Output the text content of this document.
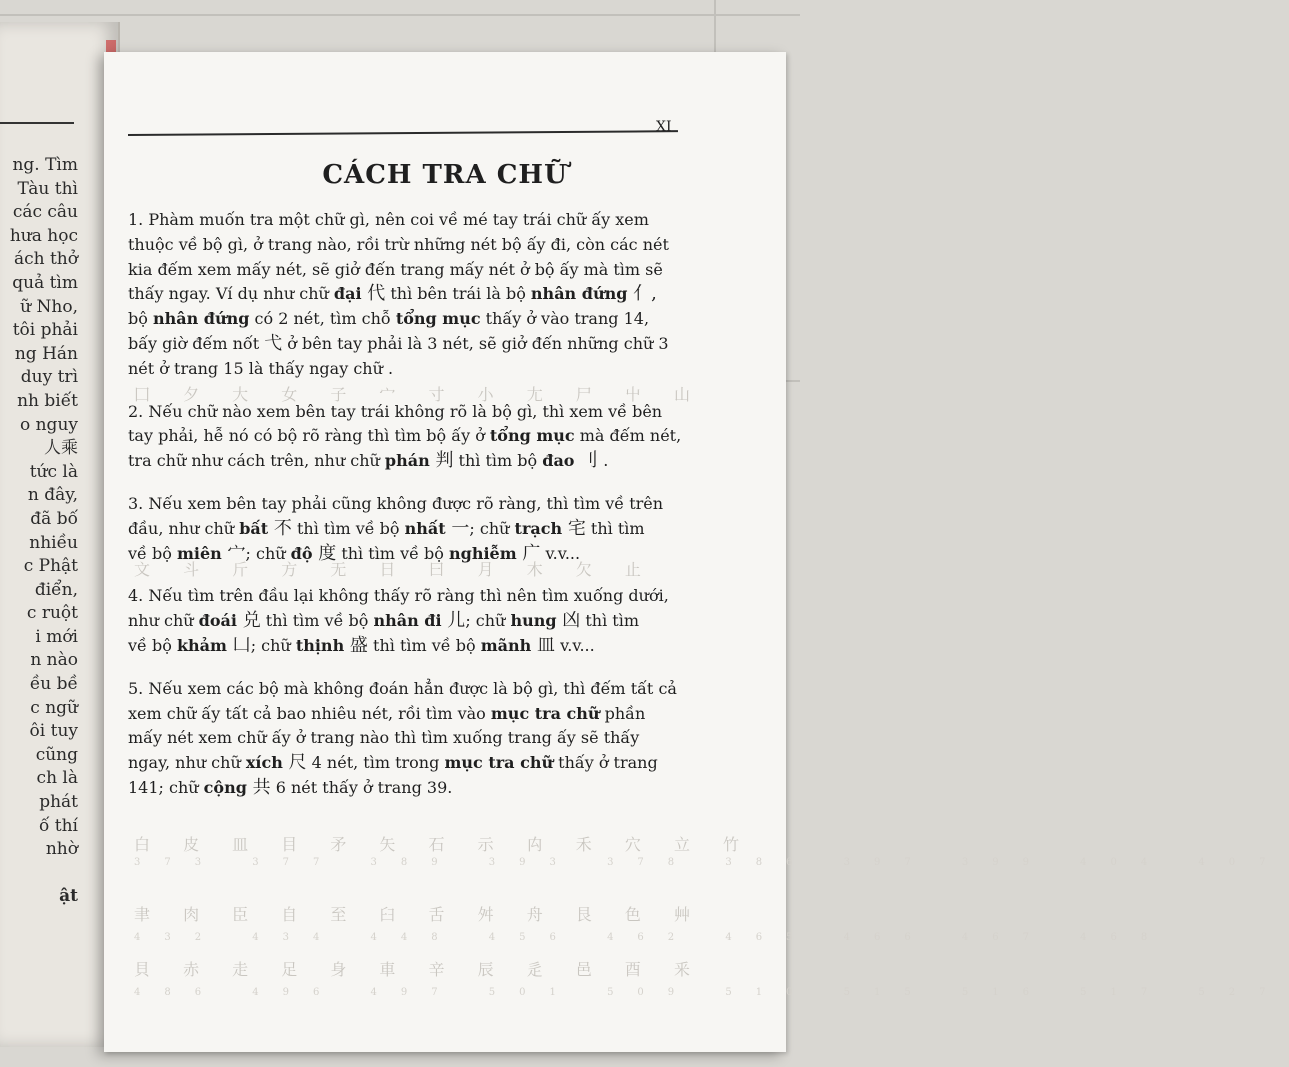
ng. Tìm
Tàu thì
các câu
hưa học
ách thở
quả tìm
ữ Nho,
tôi phải
ng Hán
duy trì
nh biết
o nguy
人乘
tức là
n đây,
đã bố
nhiều
c Phật
điển,
c ruột
i mới
n nào
ều bề
c ngữ
ôi tuy
cũng
ch là
phát
ố thí
nhờ

ật
XI
CÁCH TRA CHỮ
囗 夕 大 女 子 宀 寸 小 尢 尸 屮 山
文 斗 斤 方 无 日 曰 月 木 欠 止
白 皮 皿 目 矛 矢 石 示 禸 禾 穴 立 竹
373 377 389 393 378 386 397 399 404 407
聿 肉 臣 自 至 臼 舌 舛 舟 艮 色 艸
432 434 448 456 462 465 466 467 468
貝 赤 走 足 身 車 辛 辰 辵 邑 酉 釆
486 496 497 501 509 510 515 516 517 527
1. Phàm muốn tra một chữ gì, nên coi về mé tay trái chữ ấy xem
thuộc về bộ gì, ở trang nào, rồi trừ những nét bộ ấy đi, còn các nét
kia đếm xem mấy nét, sẽ giở đến trang mấy nét ở bộ ấy mà tìm sẽ
thấy ngay. Ví dụ như chữ đại 代 thì bên trái là bộ nhân đứng 亻,
bộ nhân đứng có 2 nét, tìm chỗ tổng mục thấy ở vào trang 14,
bấy giờ đếm nốt 弋 ở bên tay phải là 3 nét, sẽ giở đến những chữ 3
nét ở trang 15 là thấy ngay chữ .
2. Nếu chữ nào xem bên tay trái không rõ là bộ gì, thì xem về bên
tay phải, hễ nó có bộ rõ ràng thì tìm bộ ấy ở tổng mục mà đếm nét,
tra chữ như cách trên, như chữ phán 判 thì tìm bộ đao 刂 .
3. Nếu xem bên tay phải cũng không được rõ ràng, thì tìm về trên
đầu, như chữ bất 不 thì tìm về bộ nhất 一; chữ trạch 宅 thì tìm
về bộ miên 宀; chữ độ 度 thì tìm về bộ nghiễm 广 v.v...
4. Nếu tìm trên đầu lại không thấy rõ ràng thì nên tìm xuống dưới,
như chữ đoái 兑 thì tìm về bộ nhân đi 儿; chữ hung 凶 thì tìm
về bộ khảm 凵; chữ thịnh 盛 thì tìm về bộ mãnh 皿 v.v...
5. Nếu xem các bộ mà không đoán hẳn được là bộ gì, thì đếm tất cả
xem chữ ấy tất cả bao nhiêu nét, rồi tìm vào mục tra chữ phần
mấy nét xem chữ ấy ở trang nào thì tìm xuống trang ấy sẽ thấy
ngay, như chữ xích 尺 4 nét, tìm trong mục tra chữ thấy ở trang
141; chữ cộng 共 6 nét thấy ở trang 39.
